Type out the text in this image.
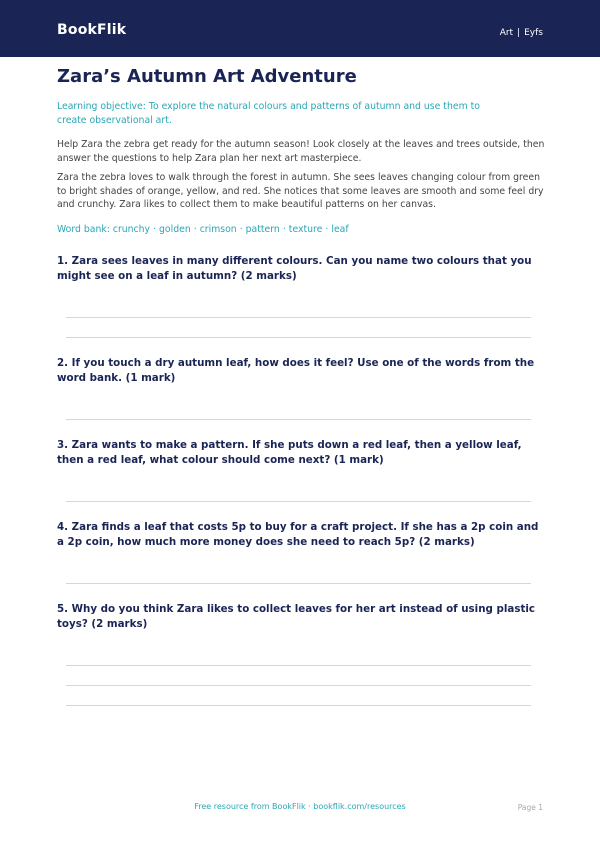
BookFlik	Art | Eyfs
Zara’s Autumn Art Adventure
Learning objective: To explore the natural colours and patterns of autumn and use them to create observational art.
Help Zara the zebra get ready for the autumn season! Look closely at the leaves and trees outside, then answer the questions to help Zara plan her next art masterpiece.
Zara the zebra loves to walk through the forest in autumn. She sees leaves changing colour from green to bright shades of orange, yellow, and red. She notices that some leaves are smooth and some feel dry and crunchy. Zara likes to collect them to make beautiful patterns on her canvas.
Word bank: crunchy · golden · crimson · pattern · texture · leaf
1. Zara sees leaves in many different colours. Can you name two colours that you might see on a leaf in autumn? (2 marks)
2. If you touch a dry autumn leaf, how does it feel? Use one of the words from the word bank. (1 mark)
3. Zara wants to make a pattern. If she puts down a red leaf, then a yellow leaf, then a red leaf, what colour should come next? (1 mark)
4. Zara finds a leaf that costs 5p to buy for a craft project. If she has a 2p coin and a 2p coin, how much more money does she need to reach 5p? (2 marks)
5. Why do you think Zara likes to collect leaves for her art instead of using plastic toys? (2 marks)
Free resource from BookFlik · bookflik.com/resources	Page 1
